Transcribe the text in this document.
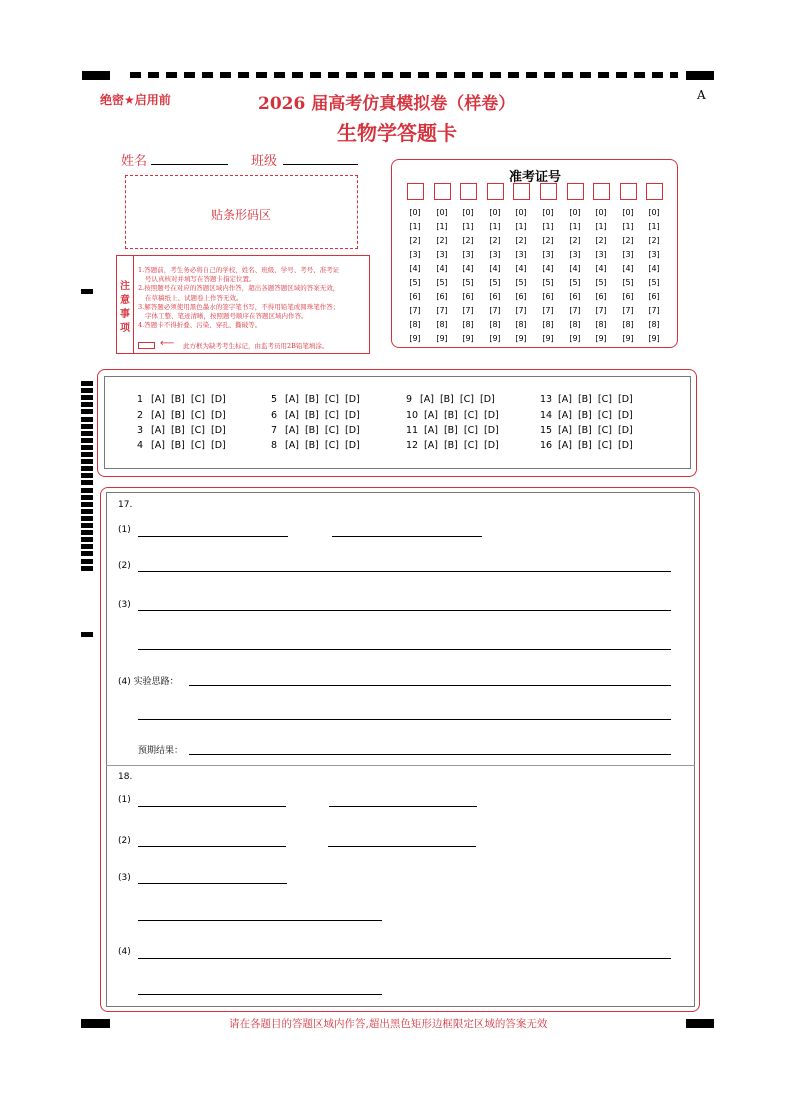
绝密★启用前	2026 届高考仿真模拟卷（样卷）
生物学答题卡
A
姓名	班级
贴条形码区
注
意
事
项
1.答题前，考生务必将自己的学校、姓名、班级、学号、考号、准考证
号认真核对并填写在答题卡指定位置。
2.按照题号在对应的答题区域内作答，超出各题答题区域的答案无效，
在草稿纸上、试题卷上作答无效。
3.解答题必须使用黑色墨水的签字笔书写，不得用铅笔或圆珠笔作答；
字体工整、笔迹清晰，按照题号顺序在答题区域内作答。
4.答题卡不得折叠、污染、穿孔、撕破等。
⟵ 此方框为缺考考生标记，由监考员用2B铅笔填涂。
准考证号
[0]
[1]
[2]
[3]
[4]
[5]
[6]
[7]
[8]
[9]
[0]
[1]
[2]
[3]
[4]
[5]
[6]
[7]
[8]
[9]
[0]
[1]
[2]
[3]
[4]
[5]
[6]
[7]
[8]
[9]
[0]
[1]
[2]
[3]
[4]
[5]
[6]
[7]
[8]
[9]
[0]
[1]
[2]
[3]
[4]
[5]
[6]
[7]
[8]
[9]
[0]
[1]
[2]
[3]
[4]
[5]
[6]
[7]
[8]
[9]
[0]
[1]
[2]
[3]
[4]
[5]
[6]
[7]
[8]
[9]
[0]
[1]
[2]
[3]
[4]
[5]
[6]
[7]
[8]
[9]
[0]
[1]
[2]
[3]
[4]
[5]
[6]
[7]
[8]
[9]
[0]
[1]
[2]
[3]
[4]
[5]
[6]
[7]
[8]
[9]
1 [A]  [B]  [C]  [D]
2 [A]  [B]  [C]  [D]
3 [A]  [B]  [C]  [D]
4 [A]  [B]  [C]  [D]
5 [A]  [B]  [C]  [D]
6 [A]  [B]  [C]  [D]
7 [A]  [B]  [C]  [D]
8 [A]  [B]  [C]  [D]
9 [A]  [B]  [C]  [D]
10 [A]  [B]  [C]  [D]
11 [A]  [B]  [C]  [D]
12 [A]  [B]  [C]  [D]
13 [A]  [B]  [C]  [D]
14 [A]  [B]  [C]  [D]
15 [A]  [B]  [C]  [D]
16 [A]  [B]  [C]  [D]
17.
(1)
(2)
(3)
(4) 实验思路：
预期结果：
18.
(1)
(2)
(3)
(4)
请在各题目的答题区域内作答,超出黑色矩形边框限定区域的答案无效
